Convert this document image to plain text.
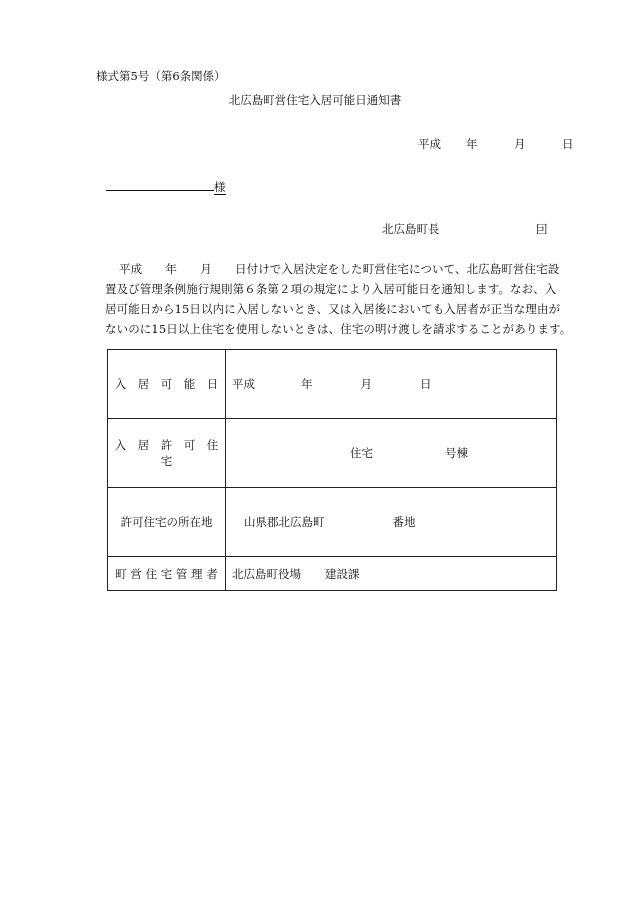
様式第5号（第6条関係）
北広島町営住宅入居可能日通知書
平成 年	月	日
様
北広島町長	囙
平成　　年　　月　　日付けで入居決定をした町営住宅について、北広島町営住宅設
置及び管理条例施行規則第６条第２項の規定により入居可能日を通知します。なお、入
居可能日から15日以内に入居しないとき、又は入居後においても入居者が正当な理由が
ないのに15日以上住宅を使用しないときは、住宅の明け渡しを請求することがあります。
入　居　可　能　日	平成 年 月 日
入　居　許　可　住　宅	住宅 号棟
許可住宅の所在地	山県郡北広島町 番地
町 営 住 宅 管 理 者	北広島町役場 建設課
